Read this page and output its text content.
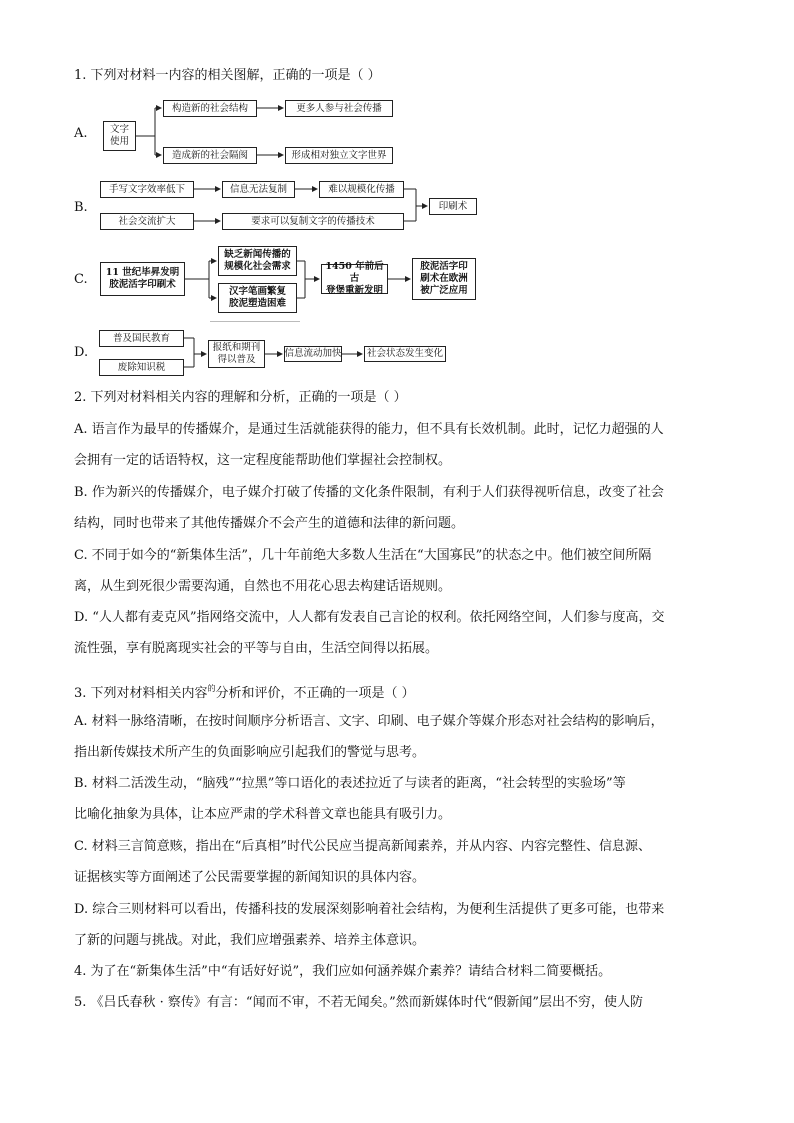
1. 下列对材料一内容的相关图解，正确的一项是（ ）
A.	文字
使用
构造新的社会结构
造成新的社会隔阂
更多人参与社会传播
形成相对独立文字世界
B.
手写文字效率低下	信息无法复制	难以规模化传播
社会交流扩大	要求可以复制文字的传播技术
印刷术
C.	11 世纪毕昇发明
胶泥活字印刷术
缺乏新闻传播的
规模化社会需求
汉字笔画繁复
胶泥塑造困难
1450 年前后古
登堡重新发明
胶泥活字印
刷术在欧洲
被广泛应用
D.
普及国民教育
废除知识税
报纸和期刊
得以普及
信息流动加快	社会状态发生变化
2. 下列对材料相关内容的理解和分析，正确的一项是（ ）
A. 语言作为最早的传播媒介，是通过生活就能获得的能力，但不具有长效机制。此时，记忆力超强的人
会拥有一定的话语特权，这一定程度能帮助他们掌握社会控制权。
B. 作为新兴的传播媒介，电子媒介打破了传播的文化条件限制，有利于人们获得视听信息，改变了社会
结构，同时也带来了其他传播媒介不会产生的道德和法律的新问题。
C. 不同于如今的“新集体生活”，几十年前绝大多数人生活在“大国寡民”的状态之中。他们被空间所隔
离，从生到死很少需要沟通，自然也不用花心思去构建话语规则。
D. “人人都有麦克风”指网络交流中，人人都有发表自己言论的权利。依托网络空间，人们参与度高，交
流性强，享有脱离现实社会的平等与自由，生活空间得以拓展。
3. 下列对材料相关内容$^的$分析和评价，不正确的一项是（ ）
A. 材料一脉络清晰，在按时间顺序分析语言、文字、印刷、电子媒介等媒介形态对社会结构的影响后，
指出新传媒技术所产生的负面影响应引起我们的警觉与思考。
B. 材料二活泼生动，“脑残”“拉黑”等口语化的表述拉近了与读者的距离，“社会转型的实验场”等
比喻化抽象为具体，让本应严肃的学术科普文章也能具有吸引力。
C. 材料三言简意赅，指出在“后真相”时代公民应当提高新闻素养，并从内容、内容完整性、信息源、
证据核实等方面阐述了公民需要掌握的新闻知识的具体内容。
D. 综合三则材料可以看出，传播科技的发展深刻影响着社会结构，为便利生活提供了更多可能，也带来
了新的问题与挑战。对此，我们应增强素养、培养主体意识。
4. 为了在“新集体生活”中“有话好好说”，我们应如何涵养媒介素养？请结合材料二简要概括。
5. 《吕氏春秋 · 察传》有言：“闻而不审，不若无闻矣。”然而新媒体时代“假新闻”层出不穷，使人防
